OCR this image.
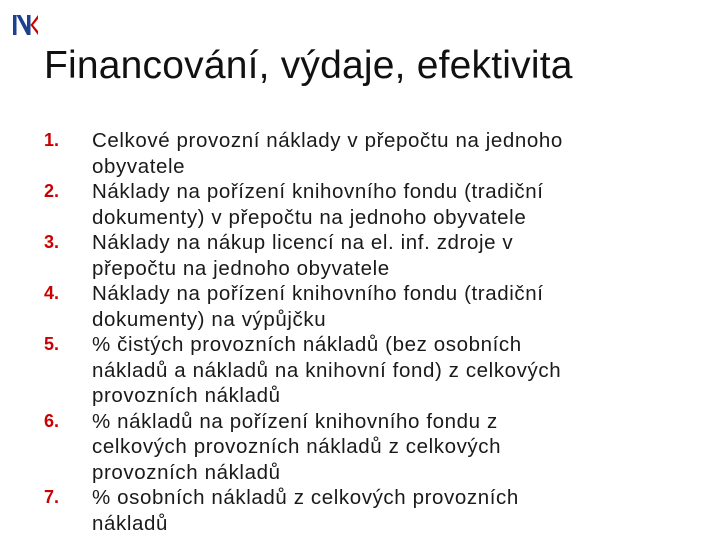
Financování, výdaje, efektivita
1. Celkové provozní náklady v přepočtu na jednoho
obyvatele
2. Náklady na pořízení knihovního fondu (tradiční
dokumenty) v přepočtu na jednoho obyvatele
3. Náklady na nákup licencí na el. inf. zdroje v
přepočtu na jednoho obyvatele
4. Náklady na pořízení knihovního fondu (tradiční
dokumenty) na výpůjčku
5. % čistých provozních nákladů (bez osobních
nákladů a nákladů na knihovní fond) z celkových
provozních nákladů
6. % nákladů na pořízení knihovního fondu z
celkových provozních nákladů z celkových
provozních nákladů
7. % osobních nákladů z celkových provozních
nákladů
